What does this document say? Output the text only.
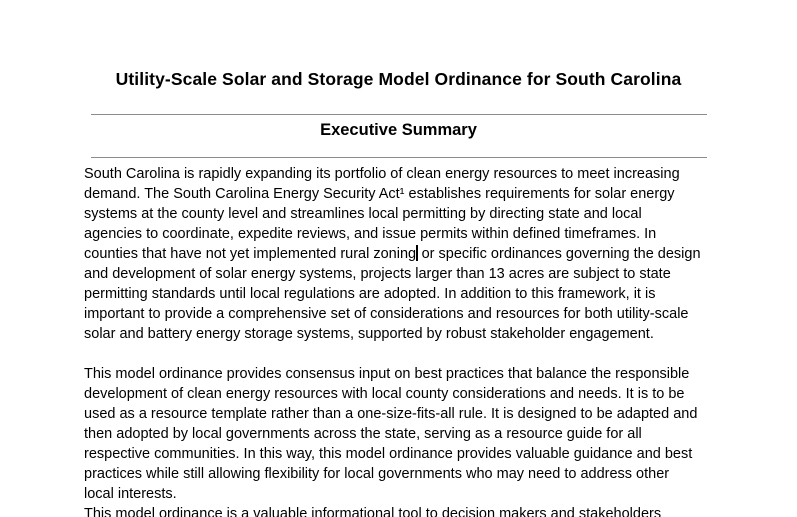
Utility-Scale Solar and Storage Model Ordinance for South Carolina
Executive Summary
South Carolina is rapidly expanding its portfolio of clean energy resources to meet increasing
demand. The South Carolina Energy Security Act¹ establishes requirements for solar energy
systems at the county level and streamlines local permitting by directing state and local
agencies to coordinate, expedite reviews, and issue permits within defined timeframes. In
counties that have not yet implemented rural zoning or specific ordinances governing the design
and development of solar energy systems, projects larger than 13 acres are subject to state
permitting standards until local regulations are adopted. In addition to this framework, it is
important to provide a comprehensive set of considerations and resources for both utility-scale
solar and battery energy storage systems, supported by robust stakeholder engagement.
This model ordinance provides consensus input on best practices that balance the responsible
development of clean energy resources with local county considerations and needs. It is to be
used as a resource template rather than a one-size-fits-all rule. It is designed to be adapted and
then adopted by local governments across the state, serving as a resource guide for all
respective communities. In this way, this model ordinance provides valuable guidance and best
practices while still allowing flexibility for local governments who may need to address other
local interests.
This model ordinance is a valuable informational tool to decision makers and stakeholders
